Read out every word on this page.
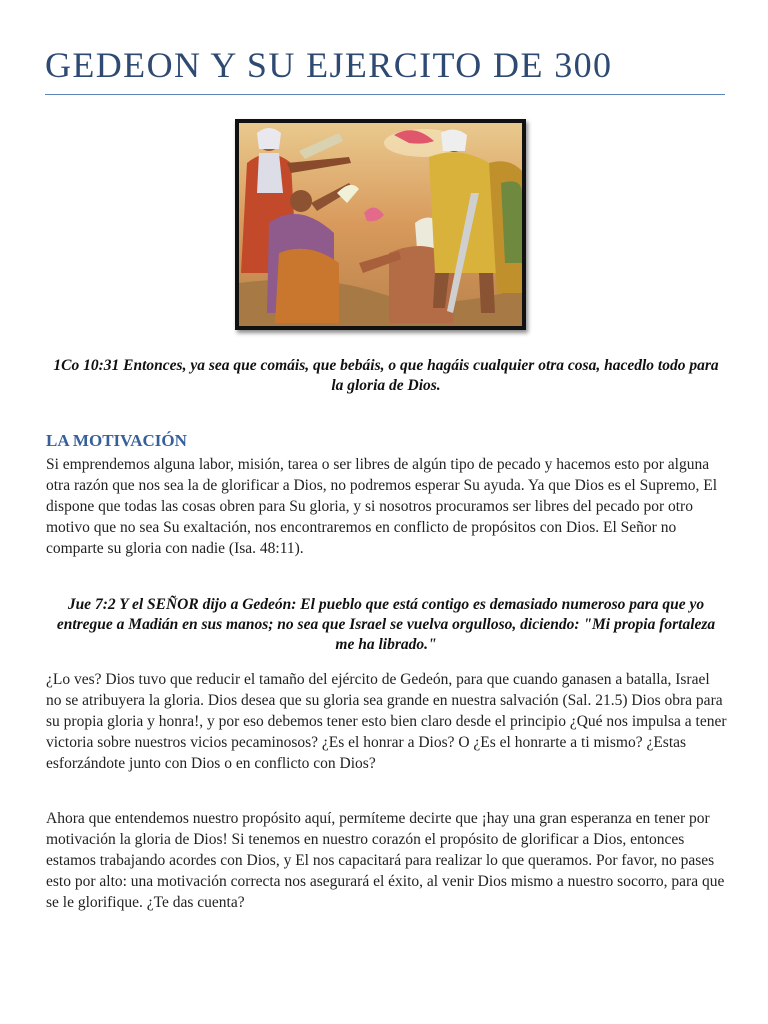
GEDEON Y SU EJERCITO DE 300

1Co 10:31 Entonces, ya sea que comáis, que bebáis, o que hagáis cualquier otra cosa, hacedlo todo para la gloria de Dios.

LA MOTIVACIÓN

Si emprendemos alguna labor, misión, tarea o ser libres de algún tipo de pecado y hacemos esto por alguna otra razón que nos sea la de glorificar a Dios, no podremos esperar Su ayuda. Ya que Dios es el Supremo, El dispone que todas las cosas obren para Su gloria, y si nosotros procuramos ser libres del pecado por otro motivo que no sea Su exaltación, nos encontraremos en conflicto de propósitos con Dios. El Señor no comparte su gloria con nadie (Isa. 48:11).

Jue 7:2 Y el SEÑOR dijo a Gedeón: El pueblo que está contigo es demasiado numeroso para que yo entregue a Madián en sus manos; no sea que Israel se vuelva orgulloso, diciendo: "Mi propia fortaleza me ha librado."

¿Lo ves? Dios tuvo que reducir el tamaño del ejército de Gedeón, para que cuando ganasen a batalla, Israel no se atribuyera la gloria. Dios desea que su gloria sea grande en nuestra salvación (Sal. 21.5) Dios obra para su propia gloria y honra!, y por eso debemos tener esto bien claro desde el principio ¿Qué nos impulsa a tener victoria sobre nuestros vicios pecaminosos? ¿Es el honrar a Dios? O ¿Es el honrarte a ti mismo? ¿Estas esforzándote junto con Dios o en conflicto con Dios?

Ahora que entendemos nuestro propósito aquí, permíteme decirte que ¡hay una gran esperanza en tener por motivación la gloria de Dios! Si tenemos en nuestro corazón el propósito de glorificar a Dios, entonces estamos trabajando acordes con Dios, y El nos capacitará para realizar lo que queramos. Por favor, no pases esto por alto: una motivación correcta nos asegurará el éxito, al venir Dios mismo a nuestro socorro, para que se le glorifique. ¿Te das cuenta?
